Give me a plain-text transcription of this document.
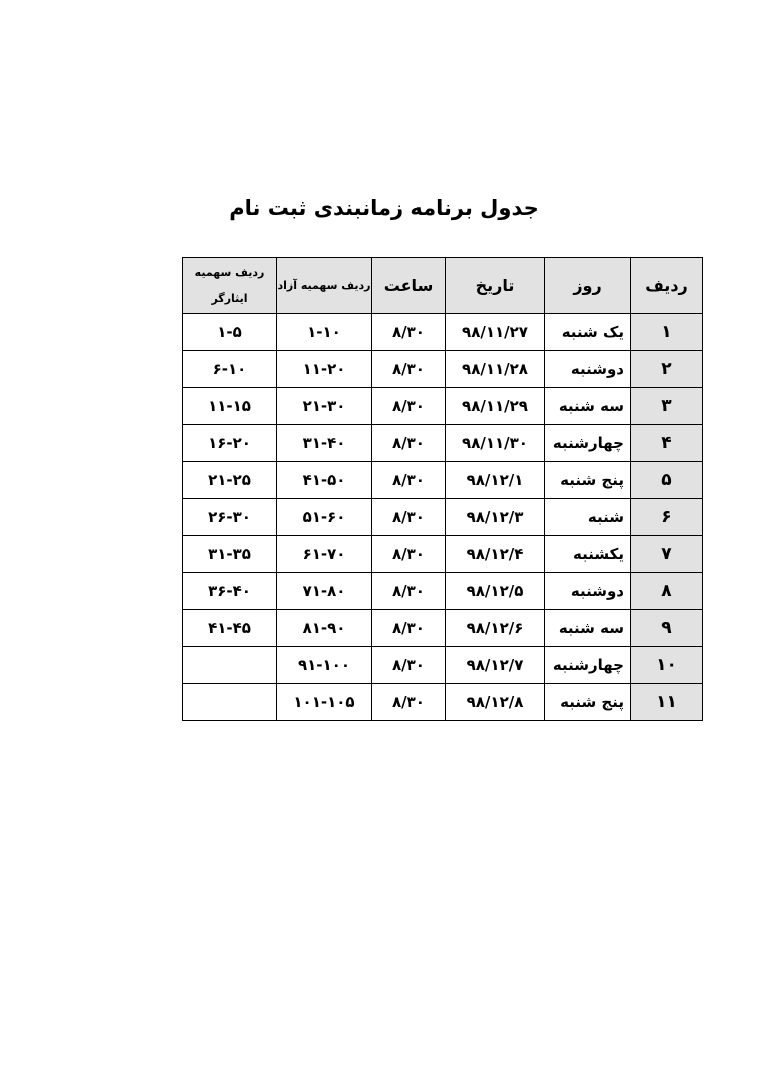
جدول برنامه زمانبندی ثبت نام
ردیف	روز	تاریخ	ساعت	ردیف سهمیه آزاد	ردیف سهمیه ایثارگر
۱	یک شنبه	۹۸/۱۱/۲۷	۸/۳۰	۱-۱۰	۱-۵
۲	دوشنبه	۹۸/۱۱/۲۸	۸/۳۰	۱۱-۲۰	۶-۱۰
۳	سه شنبه	۹۸/۱۱/۲۹	۸/۳۰	۲۱-۳۰	۱۱-۱۵
۴	چهارشنبه	۹۸/۱۱/۳۰	۸/۳۰	۳۱-۴۰	۱۶-۲۰
۵	پنج شنبه	۹۸/۱۲/۱	۸/۳۰	۴۱-۵۰	۲۱-۲۵
۶	شنبه	۹۸/۱۲/۳	۸/۳۰	۵۱-۶۰	۲۶-۳۰
۷	یکشنبه	۹۸/۱۲/۴	۸/۳۰	۶۱-۷۰	۳۱-۳۵
۸	دوشنبه	۹۸/۱۲/۵	۸/۳۰	۷۱-۸۰	۳۶-۴۰
۹	سه شنبه	۹۸/۱۲/۶	۸/۳۰	۸۱-۹۰	۴۱-۴۵
۱۰	چهارشنبه	۹۸/۱۲/۷	۸/۳۰	۹۱-۱۰۰	
۱۱	پنج شنبه	۹۸/۱۲/۸	۸/۳۰	۱۰۱-۱۰۵	
